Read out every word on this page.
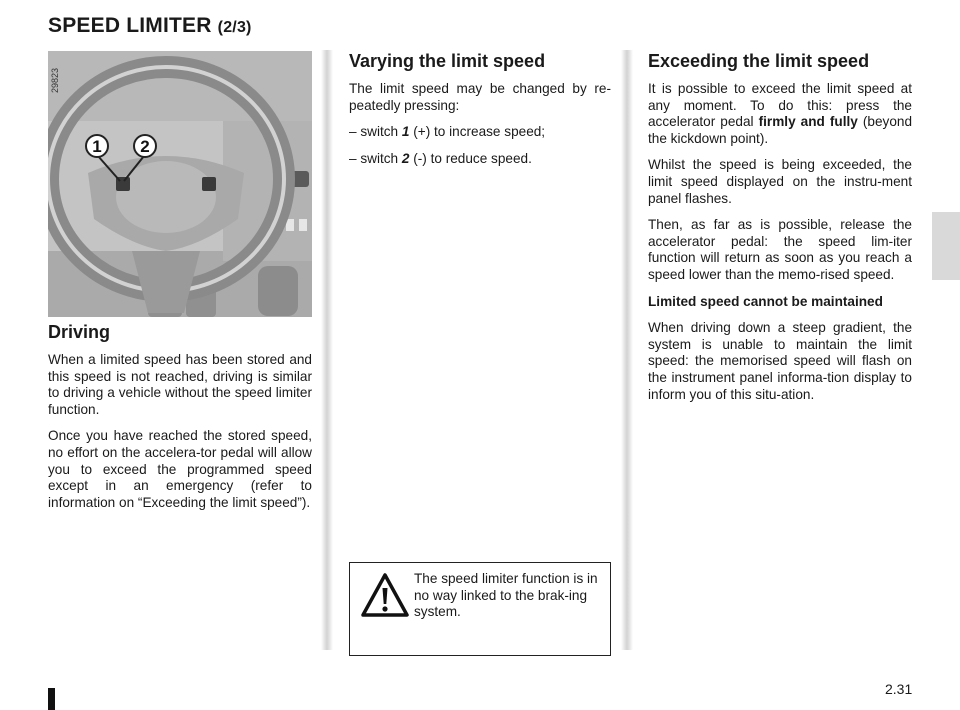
SPEED LIMITER (2/3)
1 2
29823
Driving

When a limited speed has been stored and this speed is not reached, driving is similar to driving a vehicle without the speed limiter function.

Once you have reached the stored speed, no effort on the accelera-tor pedal will allow you to exceed the programmed speed except in an emergency (refer to information on “Exceeding the limit speed”).

Varying the limit speed

The limit speed may be changed by re-peatedly pressing:

– switch 1 (+) to increase speed;
– switch 2 (-) to reduce speed.
The speed limiter function is in no way linked to the brak-ing system.
Exceeding the limit speed

It is possible to exceed the limit speed at any moment. To do this: press the accelerator pedal firmly and fully (beyond the kickdown point).

Whilst the speed is being exceeded, the limit speed displayed on the instru-ment panel flashes.

Then, as far as is possible, release the accelerator pedal: the speed lim-iter function will return as soon as you reach a speed lower than the memo-rised speed.

Limited speed cannot be maintained

When driving down a steep gradient, the system is unable to maintain the limit speed: the memorised speed will flash on the instrument panel informa-tion display to inform you of this situ-ation.

2.31
